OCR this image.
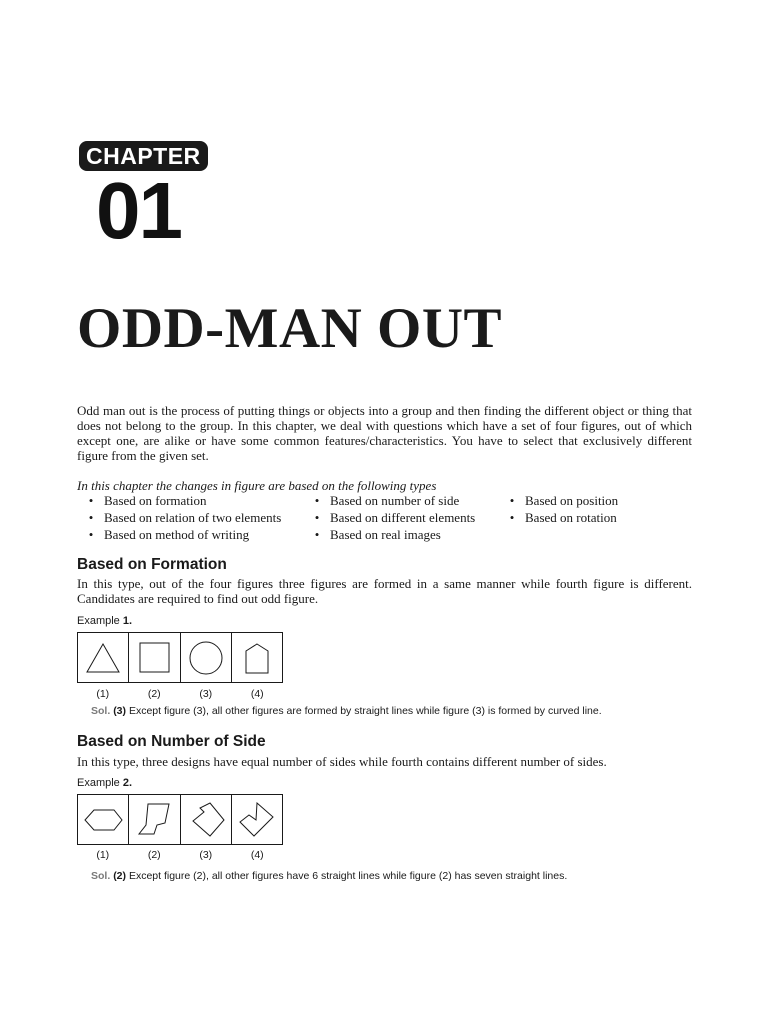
CHAPTER
01
ODD-MAN OUT
Odd man out is the process of putting things or objects into a group and then finding the different object or thing that does not belong to the group. In this chapter, we deal with questions which have a set of four figures, out of which except one, are alike or have some common features/characteristics. You have to select that exclusively different figure from the given set.
In this chapter the changes in figure are based on the following types
• Based on formation
• Based on relation of two elements
• Based on method of writing
• Based on number of side
• Based on different elements
• Based on real images
• Based on position
• Based on rotation
Based on Formation
In this type, out of the four figures three figures are formed in a same manner while fourth figure is different. Candidates are required to find out odd figure.
Example 1.
(1)	(2)	(3)	(4)
Sol. (3) Except figure (3), all other figures are formed by straight lines while figure (3) is formed by curved line.
Based on Number of Side
In this type, three designs have equal number of sides while fourth contains different number of sides.
Example 2.
(1)	(2)	(3)	(4)
Sol. (2) Except figure (2), all other figures have 6 straight lines while figure (2) has seven straight lines.
